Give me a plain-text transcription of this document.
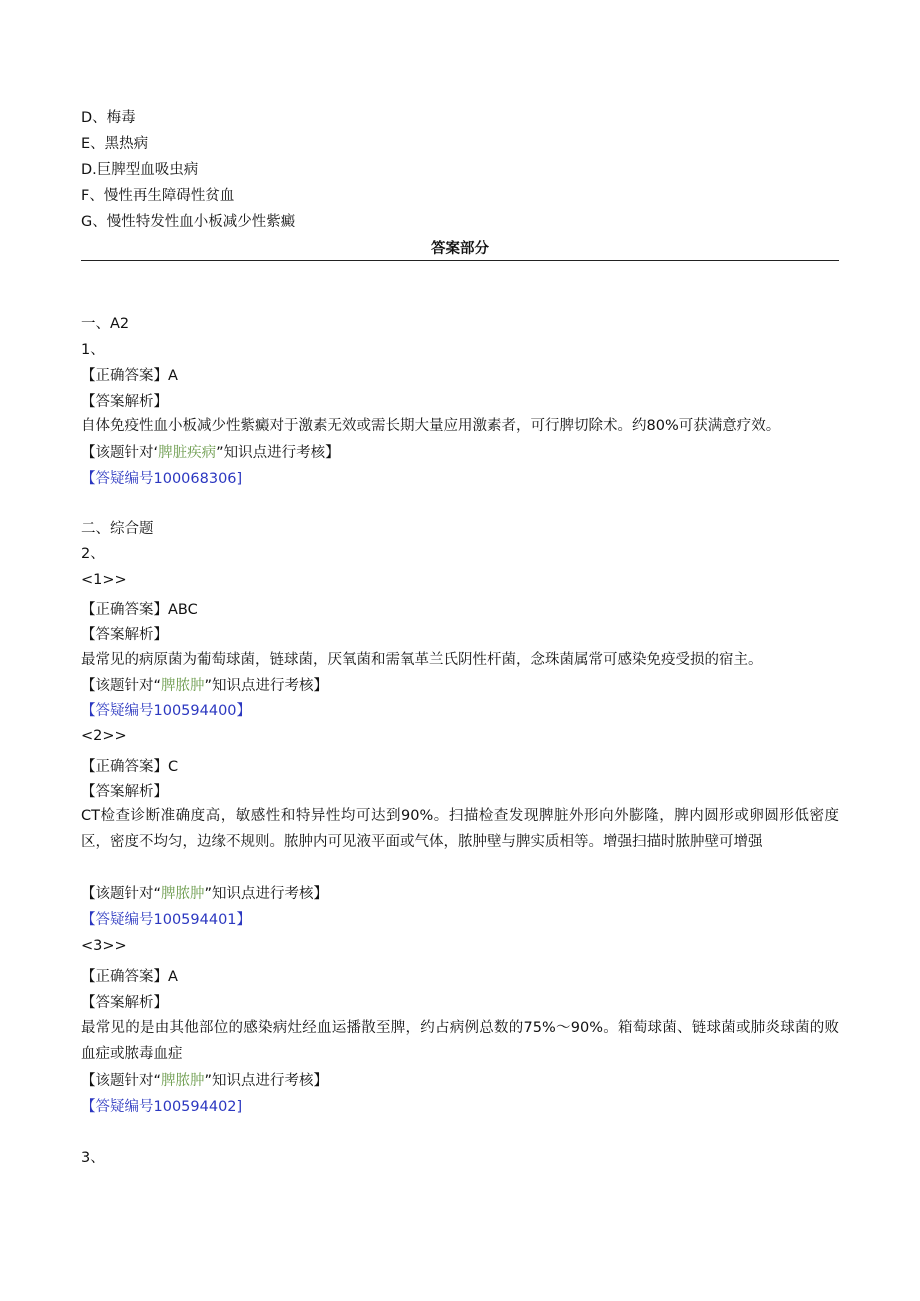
D、梅毒
E、黑热病
D.巨脾型血吸虫病
F、慢性再生障碍性贫血
G、慢性特发性血小板减少性紫癜
答案部分
一、A2
1、
【正确答案】A
【答案解析】
自体免疫性血小板减少性紫癜对于激素无效或需长期大量应用激素者，可行脾切除术。约80%可获满意疗效。
【该题针对‘脾脏疾病”知识点进行考核】
【答疑编号100068306]
二、综合题
2、
<1>>
【正确答案】ABC
【答案解析】
最常见的病原菌为葡萄球菌，链球菌，厌氧菌和需氧革兰氏阴性杆菌，念珠菌属常可感染免疫受损的宿主。
【该题针对“脾脓肿”知识点进行考核】
【答疑编号100594400】
<2>>
【正确答案】C
【答案解析】
CT检查诊断准确度高，敏感性和特异性均可达到90%。扫描检查发现脾脏外形向外膨隆，脾内圆形或卵圆形低密度区，密度不均匀，边缘不规则。脓肿内可见液平面或气体，脓肿壁与脾实质相等。增强扫描时脓肿壁可增强
【该题针对“脾脓肿”知识点进行考核】
【答疑编号100594401】
<3>>
【正确答案】A
【答案解析】
最常见的是由其他部位的感染病灶经血运播散至脾，约占病例总数的75%～90%。箱萄球菌、链球菌或肺炎球菌的败血症或脓毒血症
【该题针对“脾脓肿”知识点进行考核】
【答疑编号100594402]
3、
